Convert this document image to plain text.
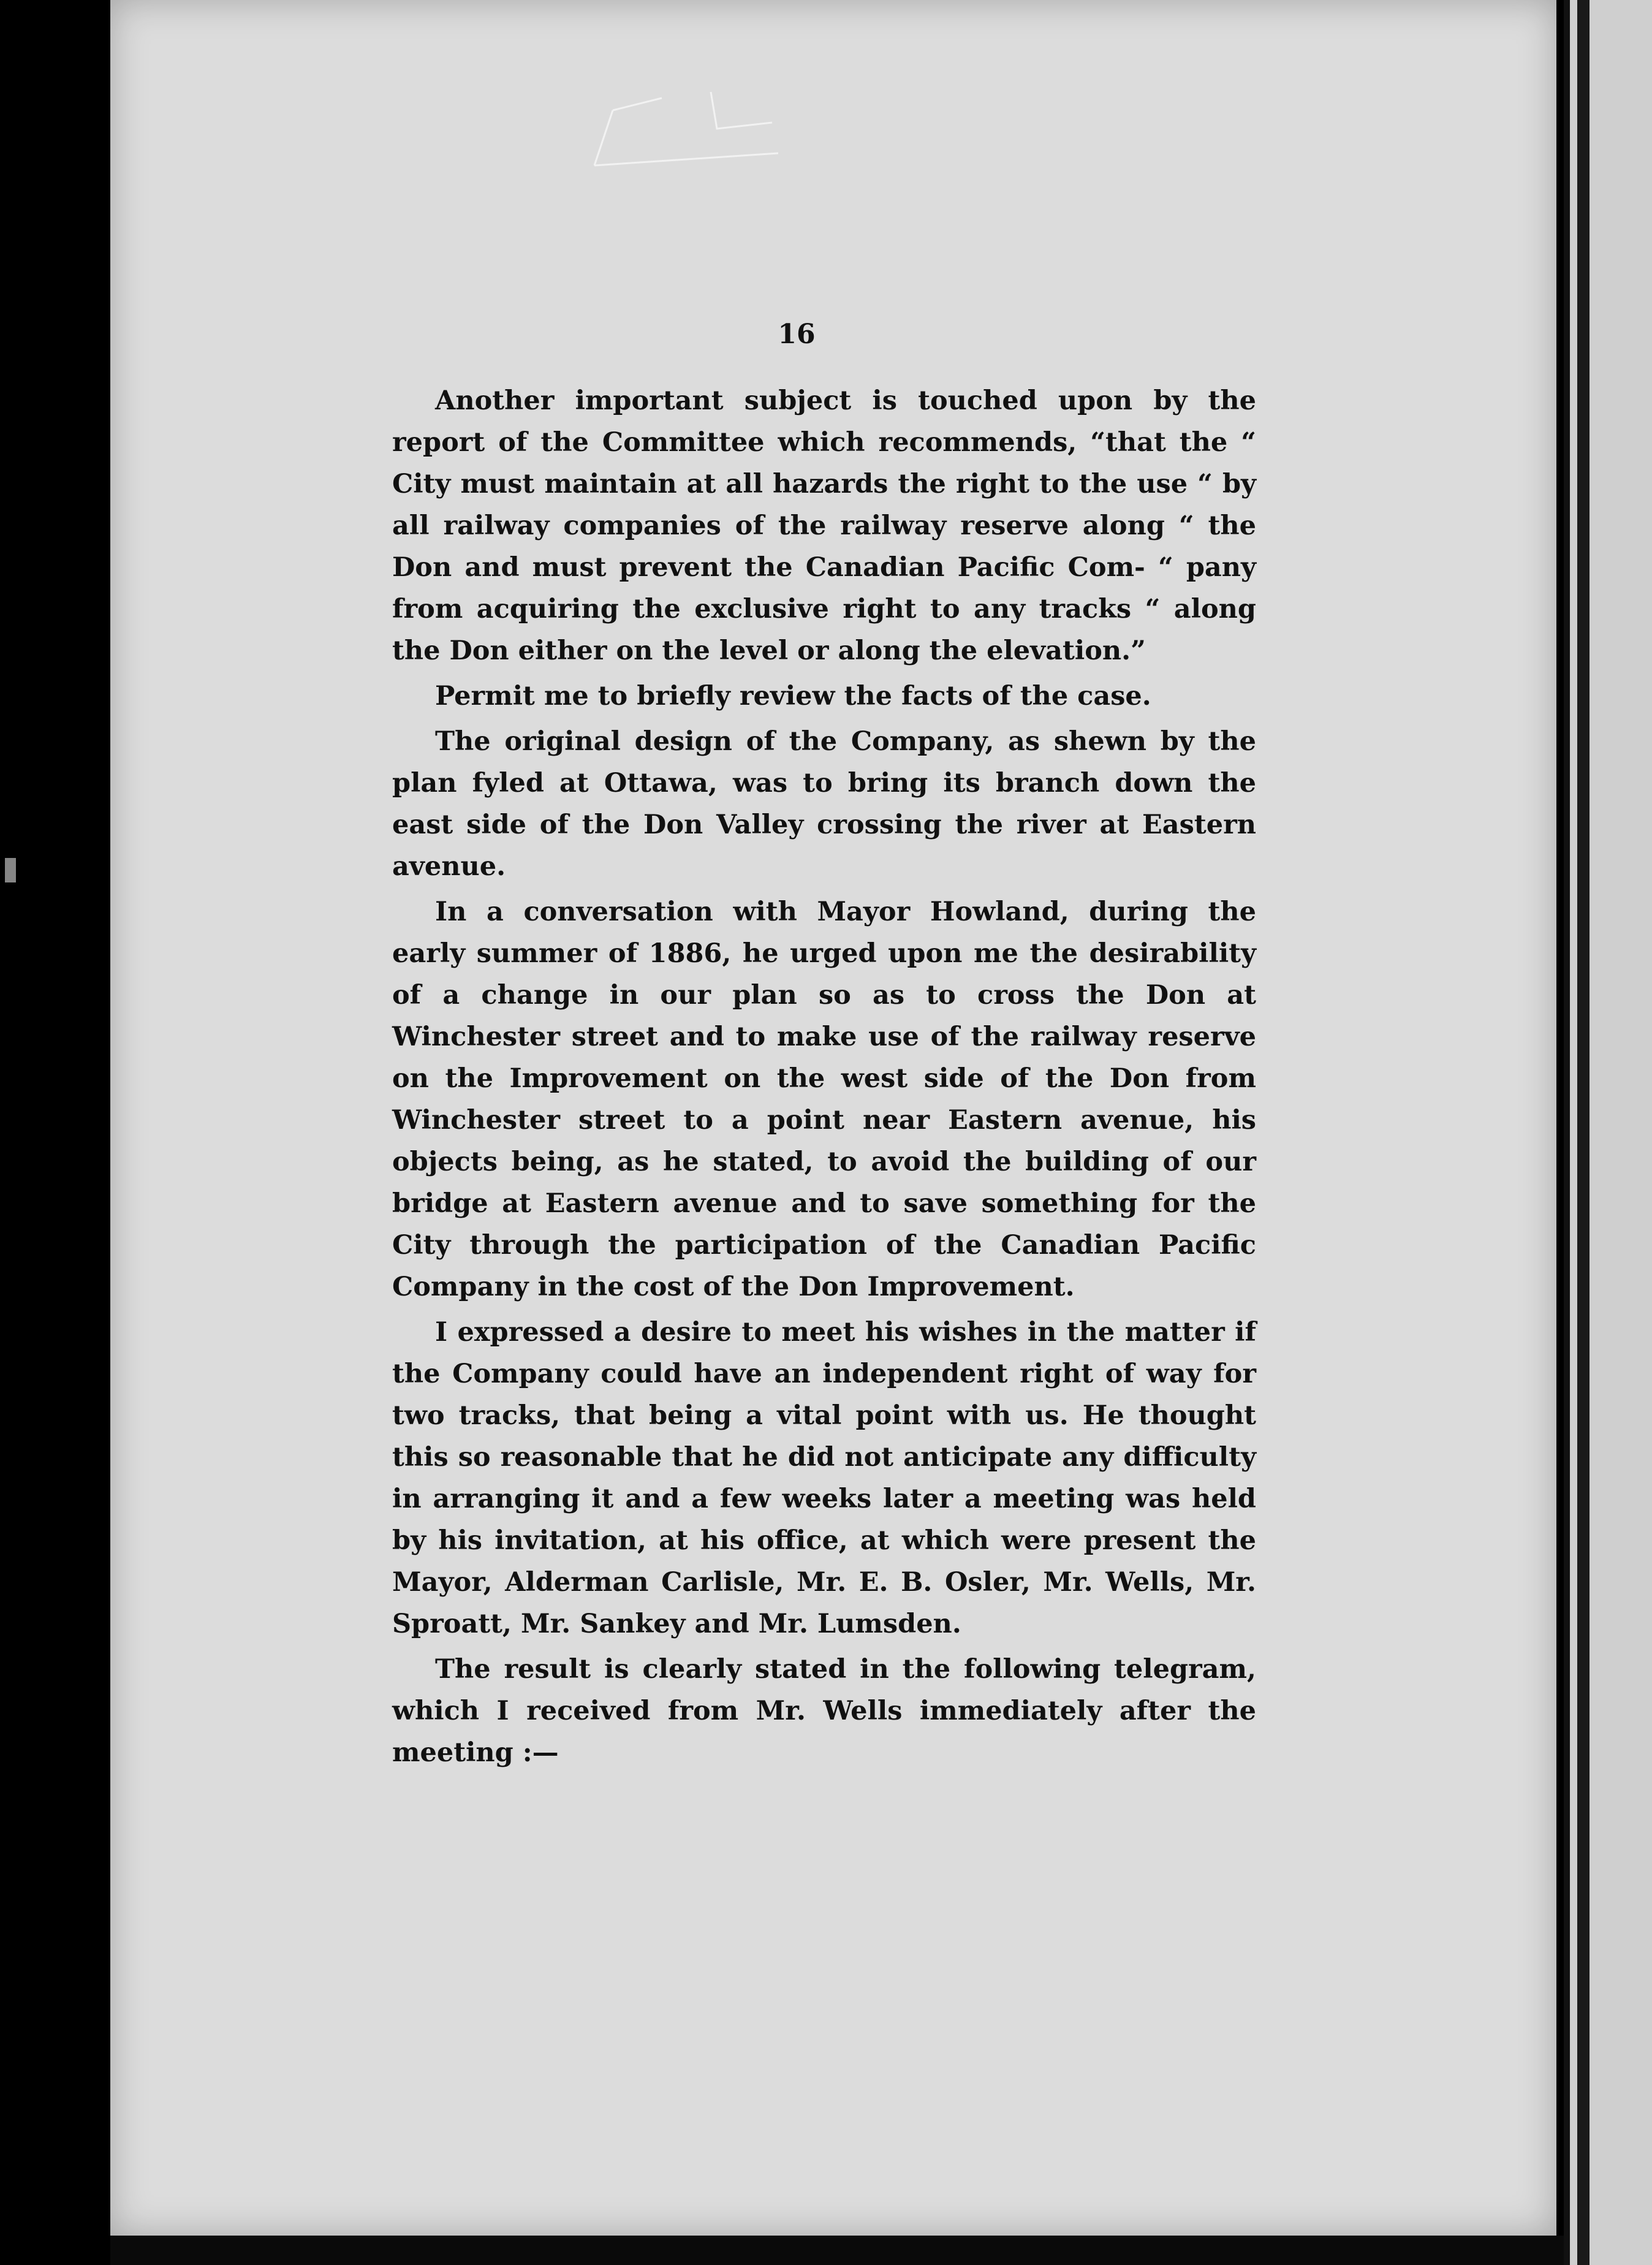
16

Another important subject is touched upon by the report of the Committee which recommends, “that the “ City must maintain at all hazards the right to the use “ by all railway companies of the railway reserve along “ the Don and must prevent the Canadian Pacific Com- “ pany from acquiring the exclusive right to any tracks “ along the Don either on the level or along the elevation.”

Permit me to briefly review the facts of the case.

The original design of the Company, as shewn by the plan fyled at Ottawa, was to bring its branch down the east side of the Don Valley crossing the river at Eastern avenue.

In a conversation with Mayor Howland, during the early summer of 1886, he urged upon me the desirability of a change in our plan so as to cross the Don at Winchester street and to make use of the railway reserve on the Improvement on the west side of the Don from Winchester street to a point near Eastern avenue, his objects being, as he stated, to avoid the building of our bridge at Eastern avenue and to save something for the City through the participation of the Canadian Pacific Company in the cost of the Don Improvement.

I expressed a desire to meet his wishes in the matter if the Company could have an independent right of way for two tracks, that being a vital point with us. He thought this so reasonable that he did not anticipate any difficulty in arranging it and a few weeks later a meeting was held by his invitation, at his office, at which were present the Mayor, Alderman Carlisle, Mr. E. B. Osler, Mr. Wells, Mr. Sproatt, Mr. Sankey and Mr. Lumsden.

The result is clearly stated in the following telegram, which I received from Mr. Wells immediately after the meeting :—
